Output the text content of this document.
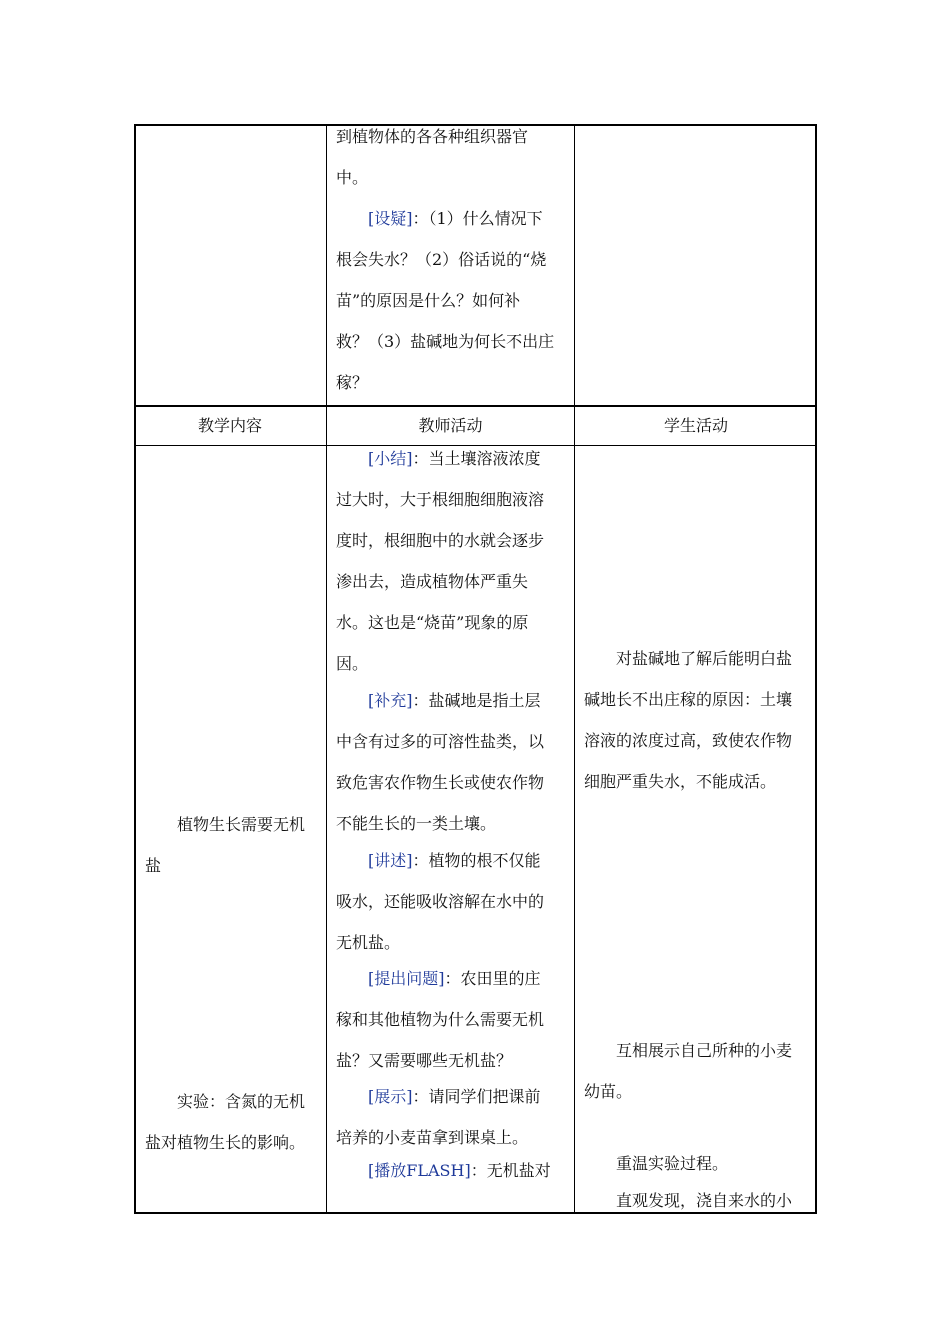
到植物体的各各种组织器官

中。

[设疑]：（1）什么情况下

根会失水？（2）俗话说的“烧

苗”的原因是什么？如何补

救？（3）盐碱地为何长不出庄

稼？

教学内容	教师活动	学生活动

植物生长需要无机

盐

实验：含氮的无机

盐对植物生长的影响。

[小结]：当土壤溶液浓度

过大时，大于根细胞细胞液溶

度时，根细胞中的水就会逐步

渗出去，造成植物体严重失

水。这也是“烧苗”现象的原

因。

[补充]：盐碱地是指土层

中含有过多的可溶性盐类，以

致危害农作物生长或使农作物

不能生长的一类土壤。

[讲述]：植物的根不仅能

吸水，还能吸收溶解在水中的

无机盐。

[提出问题]：农田里的庄

稼和其他植物为什么需要无机

盐？又需要哪些无机盐？

[展示]：请同学们把课前

培养的小麦苗拿到课桌上。

[播放FLASH]：无机盐对

对盐碱地了解后能明白盐

碱地长不出庄稼的原因：土壤

溶液的浓度过高，致使农作物

细胞严重失水，不能成活。

互相展示自己所种的小麦

幼苗。

重温实验过程。

直观发现，浇自来水的小
